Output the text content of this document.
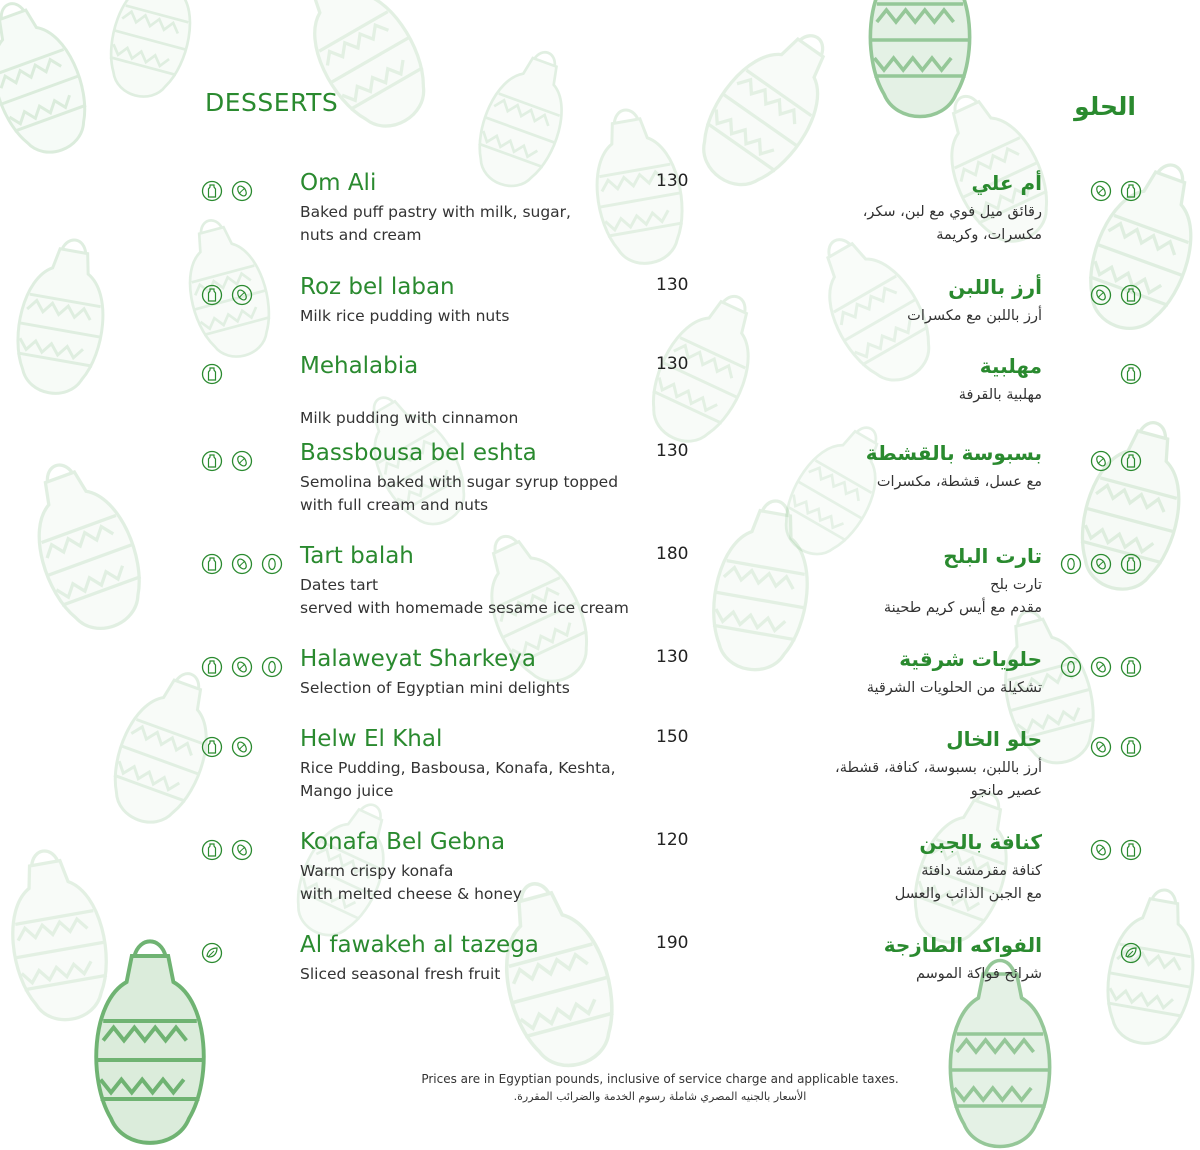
DESSERTS	الحلو
Om Ali	130	أم علي
Baked puff pastry with milk, sugar,
nuts and cream
رقائق ميل فوي مع لبن، سكر،
مكسرات، وكريمة
Roz bel laban	130	أرز باللبن
Milk rice pudding with nuts	أرز باللبن مع مكسرات
Mehalabia	130	مهلبية

Milk pudding with cinnamon
مهلبية بالقرفة
Bassbousa bel eshta	130	بسبوسة بالقشطة
Semolina baked with sugar syrup topped
with full cream and nuts
مع عسل، قشطة، مكسرات
Tart balah	180	تارت البلح
Dates tart
served with homemade sesame ice cream
تارت بلح
مقدم مع أيس كريم طحينة
Halaweyat Sharkeya	130	حلويات شرقية
Selection of Egyptian mini delights	تشكيلة من الحلويات الشرقية
Helw El Khal	150	حلو الخال
Rice Pudding, Basbousa, Konafa, Keshta,
Mango juice
أرز باللبن، بسبوسة، كنافة، قشطة،
عصير مانجو
Konafa Bel Gebna	120	كنافة بالجبن
Warm crispy konafa
with melted cheese & honey
كنافة مقرمشة دافئة
مع الجبن الذائب والعسل
Al fawakeh al tazega	190	الفواكه الطازجة
Sliced seasonal fresh fruit	شرائح فواكة الموسم
Prices are in Egyptian pounds, inclusive of service charge and applicable taxes.
الأسعار بالجنيه المصري شاملة رسوم الخدمة والضرائب المقررة.
